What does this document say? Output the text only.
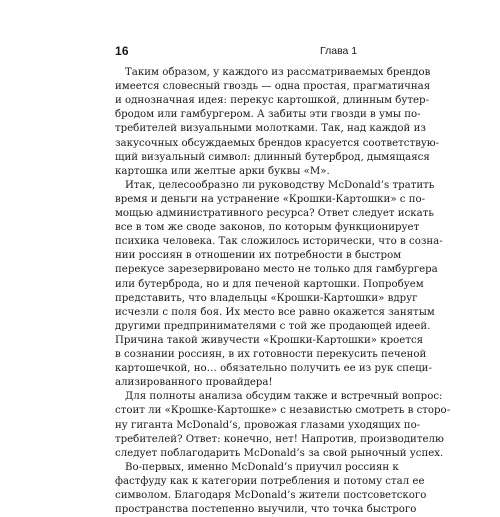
16	Глава 1
Таким образом, у каждого из рассматриваемых брендов
имеется словесный гвоздь — одна простая, прагматичная
и однозначная идея: перекус картошкой, длинным бутер-
бродом или гамбургером. А забиты эти гвозди в умы по-
требителей визуальными молотками. Так, над каждой из
закусочных обсуждаемых брендов красуется соответствую-
щий визуальный символ: длинный бутерброд, дымящаяся
картошка или желтые арки буквы «М».
Итак, целесообразно ли руководству McDonald’s тратить
время и деньги на устранение «Крошки-Картошки» с по-
мощью административного ресурса? Ответ следует искать
все в том же своде законов, по которым функционирует
психика человека. Так сложилось исторически, что в созна-
нии россиян в отношении их потребности в быстром
перекусе зарезервировано место не только для гамбургера
или бутерброда, но и для печеной картошки. Попробуем
представить, что владельцы «Крошки-Картошки» вдруг
исчезли с поля боя. Их место все равно окажется занятым
другими предпринимателями с той же продающей идеей.
Причина такой живучести «Крошки-Картошки» кроется
в сознании россиян, в их готовности перекусить печеной
картошечкой, но… обязательно получить ее из рук специ-
ализированного провайдера!
Для полноты анализа обсудим также и встречный вопрос:
стоит ли «Крошке-Картошке» с независтью смотреть в сторо-
ну гиганта McDonald’s, провожая глазами уходящих по-
требителей? Ответ: конечно, нет! Напротив, производителю
следует поблагодарить McDonald’s за свой рыночный успех.
Во-первых, именно McDonald’s приучил россиян к
фастфуду как к категории потребления и потому стал ее
символом. Благодаря McDonald’s жители постсоветского
пространства постепенно выучили, что точка быстрого
